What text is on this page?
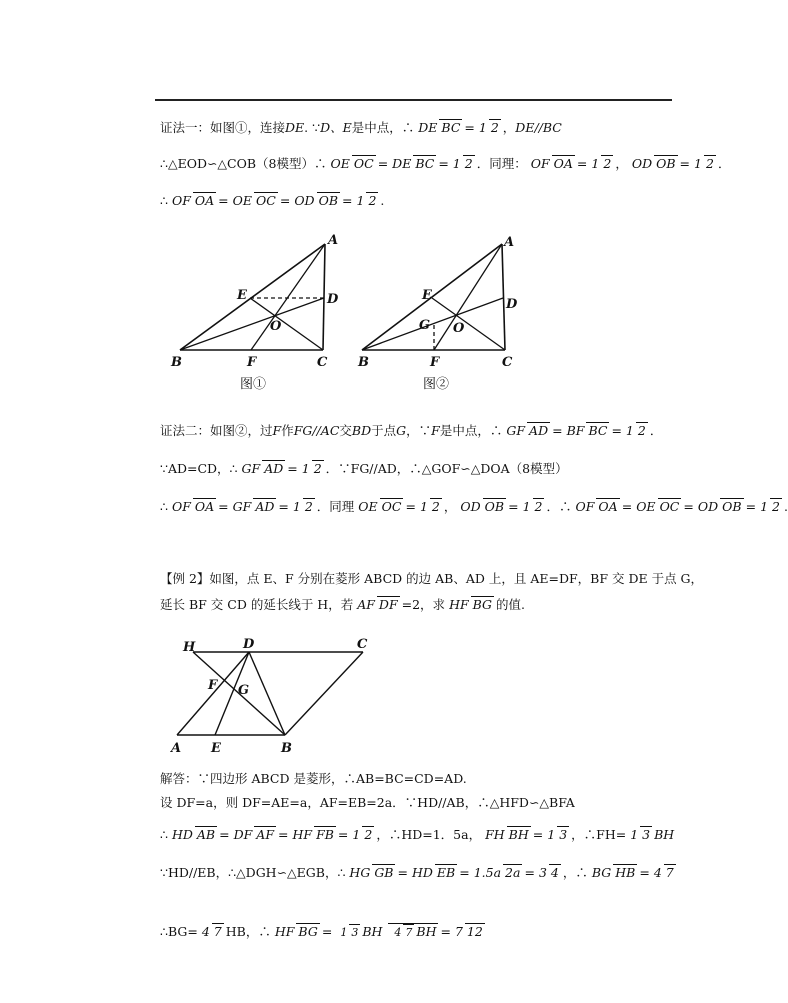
证法一：如图①，连接 DE . ∵ D、E 是中点，∴ DE BC = 1 2 ， DE//BC
∴△EOD∽△COB（8模型）∴ OE OC = DE BC = 1 2 ．同理： OF OA = 1 2 ， OD OB = 1 2 ．
∴ OF OA = OE OC = OD OB = 1 2 .
A
E	D
O
B	F	C
图①
A
E
D
G O
B	F	C
图②
证法二：如图②，过 F 作 FG//AC 交 BD 于点 G ，∵ F 是中点，∴ GF AD = BF BC = 1 2 ．
∵AD=CD，∴ GF AD = 1 2 ．∵FG//AD，∴△GOF∽△DOA（8模型）
∴ OF OA = GF AD = 1 2 ．同理 OE OC = 1 2 ， OD OB = 1 2 ．∴ OF OA = OE OC = OD OB = 1 2 .
【例 2】如图，点 E、F 分别在菱形 ABCD 的边 AB、AD 上，且 AE=DF，BF 交 DE 于点 G，
延长 BF 交 CD 的延长线于 H，若 AF DF =2，求 HF BG 的值.
H	D	C
F G
A E	B
解答：∵四边形 ABCD 是菱形，∴AB=BC=CD=AD.
设 DF=a，则 DF=AE=a，AF=EB=2a．∵HD//AB，∴△HFD∽△BFA
∴ HD AB = DF AF = HF FB = 1 2 ，∴HD=1．5a， FH BH = 1 3 ，∴FH= 1 3 BH
∵HD//EB，∴△DGH∽△EGB，∴ HG GB = HD EB = 1.5a 2a = 3 4 ，∴ BG HB = 4 7
∴BG= 4 7 HB，∴ HF BG = 1 3 BH
4 7 BH = 7 12
